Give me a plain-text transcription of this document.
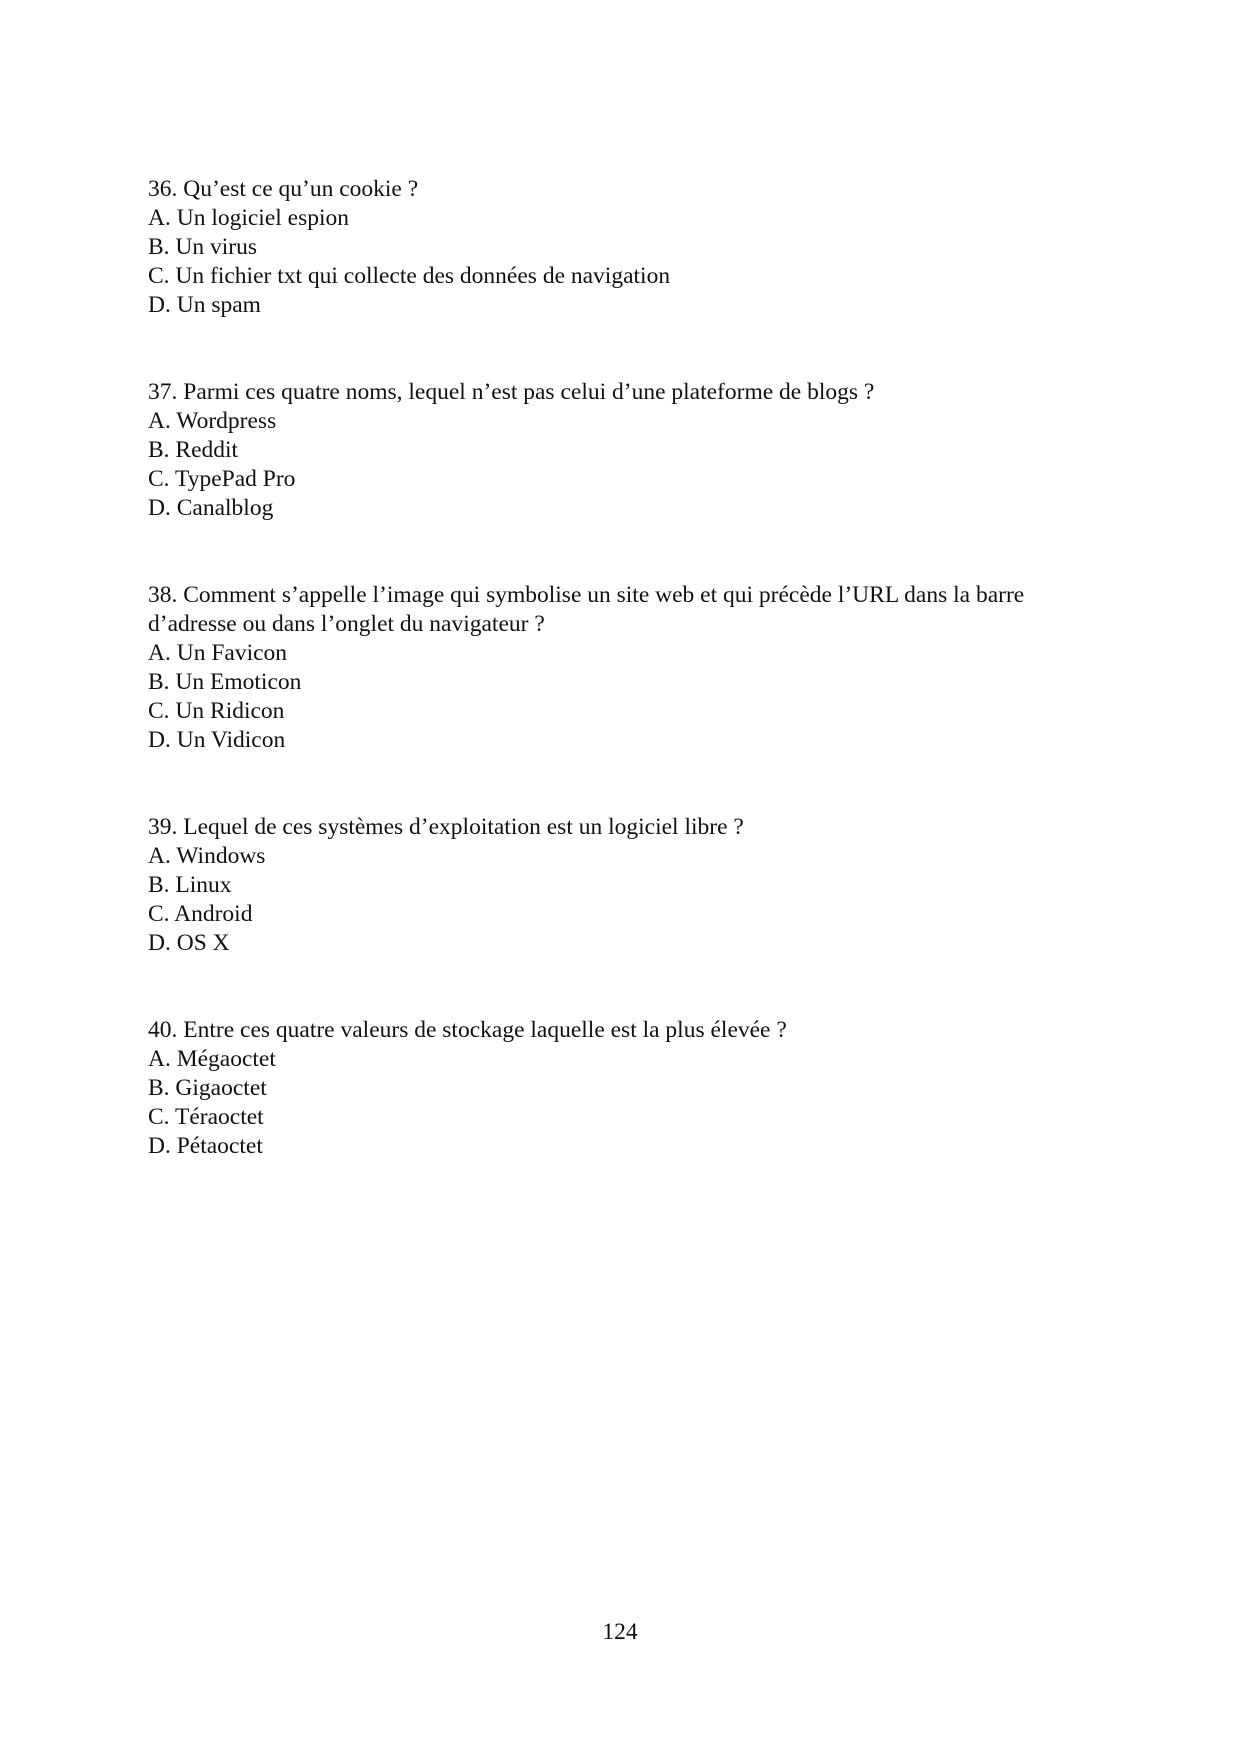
36. Qu’est ce qu’un cookie ?

A. Un logiciel espion

B. Un virus

C. Un fichier txt qui collecte des données de navigation

D. Un spam

37. Parmi ces quatre noms, lequel n’est pas celui d’une plateforme de blogs ?

A. Wordpress

B. Reddit

C. TypePad Pro

D. Canalblog

38. Comment s’appelle l’image qui symbolise un site web et qui précède l’URL dans la barre d’adresse ou dans l’onglet du navigateur ?

A. Un Favicon

B. Un Emoticon

C. Un Ridicon

D. Un Vidicon

39. Lequel de ces systèmes d’exploitation est un logiciel libre ?

A. Windows

B. Linux

C. Android

D. OS X

40. Entre ces quatre valeurs de stockage laquelle est la plus élevée ?

A. Mégaoctet

B. Gigaoctet

C. Téraoctet

D. Pétaoctet

124
